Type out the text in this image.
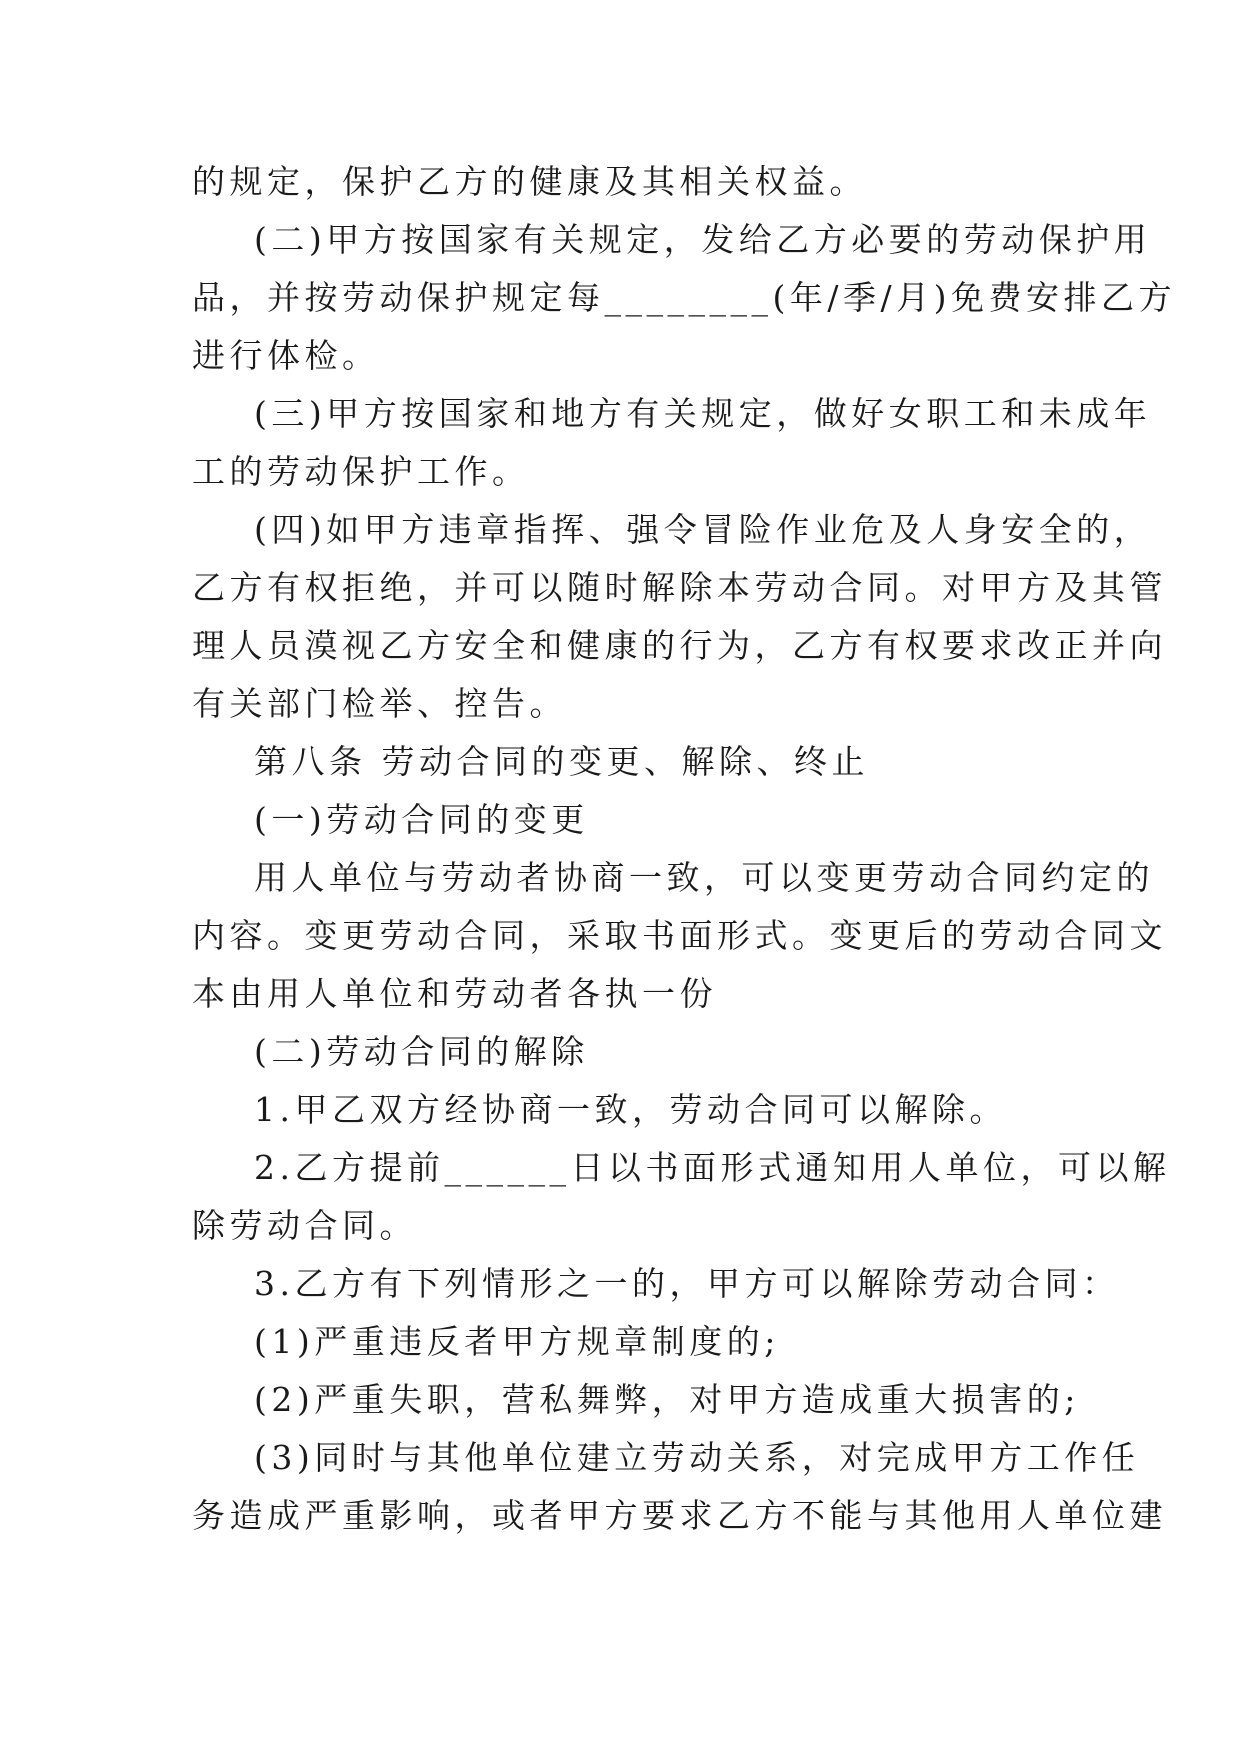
的规定，保护乙方的健康及其相关权益。
(二)甲方按国家有关规定，发给乙方必要的劳动保护用
品，并按劳动保护规定每________(年/季/月)免费安排乙方
进行体检。
(三)甲方按国家和地方有关规定，做好女职工和未成年
工的劳动保护工作。
(四)如甲方违章指挥、强令冒险作业危及人身安全的，
乙方有权拒绝，并可以随时解除本劳动合同。对甲方及其管
理人员漠视乙方安全和健康的行为，乙方有权要求改正并向
有关部门检举、控告。
第八条 劳动合同的变更、解除、终止
(一)劳动合同的变更
用人单位与劳动者协商一致，可以变更劳动合同约定的
内容。变更劳动合同，采取书面形式。变更后的劳动合同文
本由用人单位和劳动者各执一份
(二)劳动合同的解除
1.甲乙双方经协商一致，劳动合同可以解除。
2.乙方提前______日以书面形式通知用人单位，可以解
除劳动合同。
3.乙方有下列情形之一的，甲方可以解除劳动合同：
(1)严重违反者甲方规章制度的;
(2)严重失职，营私舞弊，对甲方造成重大损害的;
(3)同时与其他单位建立劳动关系，对完成甲方工作任
务造成严重影响，或者甲方要求乙方不能与其他用人单位建
